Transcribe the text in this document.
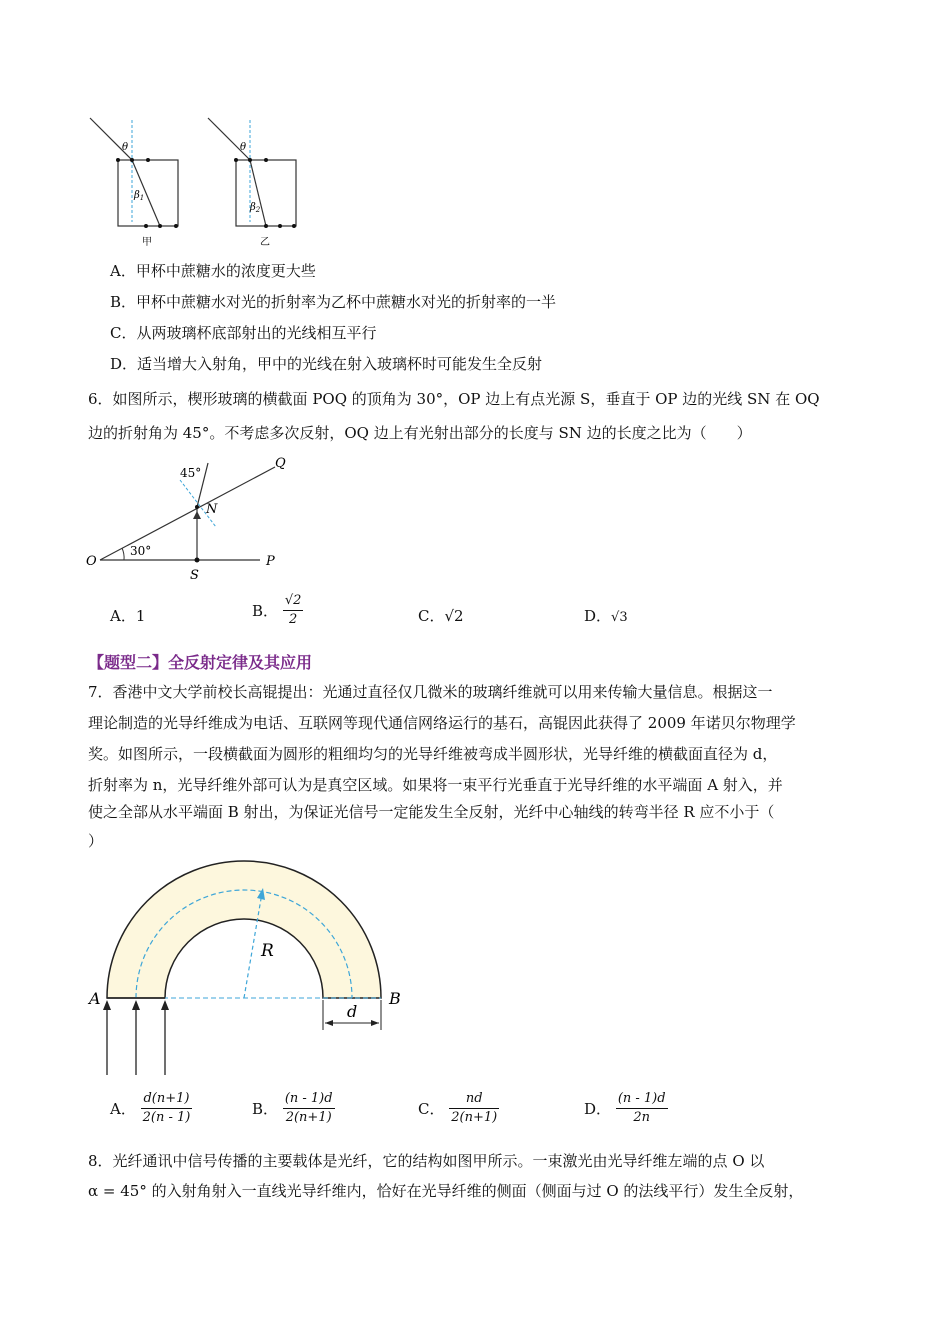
θ
$\beta_1$
甲
θ
$\beta_2$
乙
A．甲杯中蔗糖水的浓度更大些
B．甲杯中蔗糖水对光的折射率为乙杯中蔗糖水对光的折射率的一半
C．从两玻璃杯底部射出的光线相互平行
D．适当增大入射角，甲中的光线在射入玻璃杯时可能发生全反射
6．如图所示，楔形玻璃的横截面 POQ 的顶角为 30°，OP 边上有点光源 S，垂直于 OP 边的光线 SN 在 OQ
边的折射角为 45°。不考虑多次反射，OQ 边上有光射出部分的长度与 SN 边的长度之比为（　　）
O	P
Q
S
N
30°
45°
A．1	B． $\frac{√2}{2}$	C．√2	D．√3
【题型二】全反射定律及其应用
7．香港中文大学前校长高锟提出：光通过直径仅几微米的玻璃纤维就可以用来传输大量信息。根据这一
理论制造的光导纤维成为电话、互联网等现代通信网络运行的基石，高锟因此获得了 2009 年诺贝尔物理学
奖。如图所示，一段横截面为圆形的粗细均匀的光导纤维被弯成半圆形状，光导纤维的横截面直径为 d，
折射率为 n，光导纤维外部可认为是真空区域。如果将一束平行光垂直于光导纤维的水平端面 A 射入，并
使之全部从水平端面 B 射出，为保证光信号一定能发生全反射，光纤中心轴线的转弯半径 R 应不小于（
）
A	B
R
d
A． $\frac{d(n+1)}{2(n - 1)}$	B． $\frac{(n - 1)d}{2(n+1)}$	C． $\frac{nd}{2(n+1)}$	D． $\frac{(n - 1)d}{2n}$
8．光纤通讯中信号传播的主要载体是光纤，它的结构如图甲所示。一束激光由光导纤维左端的点 O 以
α = 45° 的入射角射入一直线光导纤维内，恰好在光导纤维的侧面（侧面与过 O 的法线平行）发生全反射，
